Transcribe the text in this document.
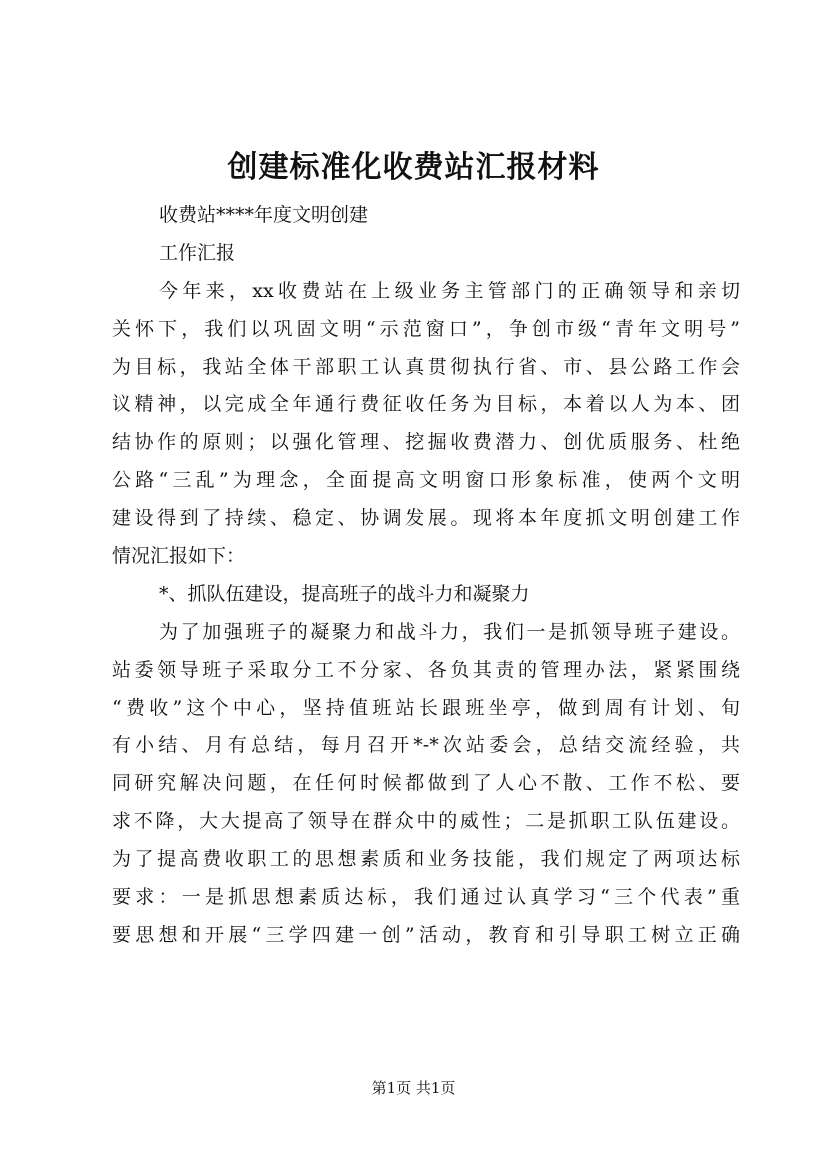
创建标准化收费站汇报材料
收费站****年度文明创建
工作汇报
今年来，xx收费站在上级业务主管部门的正确领导和亲切
关怀下，我们以巩固文明“示范窗口”，争创市级“青年文明号”
为目标，我站全体干部职工认真贯彻执行省、市、县公路工作会
议精神，以完成全年通行费征收任务为目标，本着以人为本、团
结协作的原则；以强化管理、挖掘收费潜力、创优质服务、杜绝
公路“三乱”为理念，全面提高文明窗口形象标准，使两个文明
建设得到了持续、稳定、协调发展。现将本年度抓文明创建工作
情况汇报如下：
*、抓队伍建设，提高班子的战斗力和凝聚力
为了加强班子的凝聚力和战斗力，我们一是抓领导班子建设。
站委领导班子采取分工不分家、各负其责的管理办法，紧紧围绕
“费收”这个中心，坚持值班站长跟班坐亭，做到周有计划、旬
有小结、月有总结，每月召开*-*次站委会，总结交流经验，共
同研究解决问题，在任何时候都做到了人心不散、工作不松、要
求不降，大大提高了领导在群众中的威性；二是抓职工队伍建设。
为了提高费收职工的思想素质和业务技能，我们规定了两项达标
要求：一是抓思想素质达标，我们通过认真学习“三个代表”重
要思想和开展“三学四建一创”活动，教育和引导职工树立正确
第1页 共1页
